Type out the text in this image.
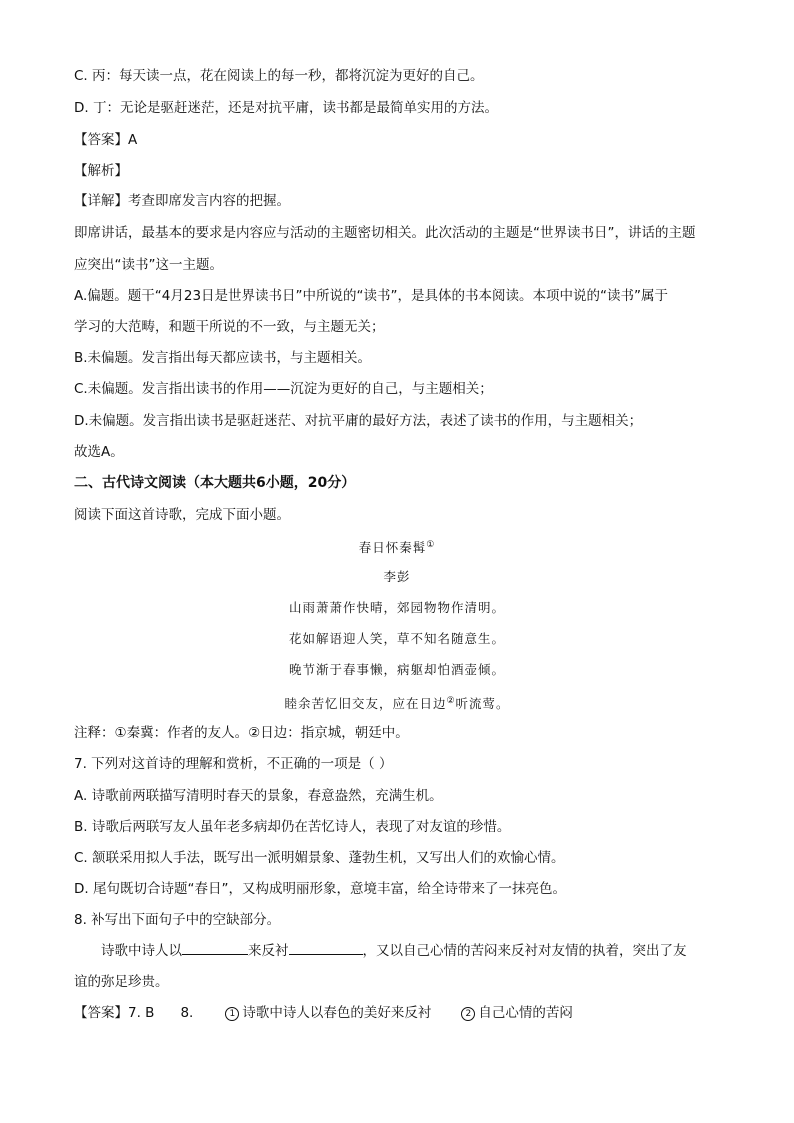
C. 丙：每天读一点，花在阅读上的每一秒，都将沉淀为更好的自己。
D. 丁：无论是驱赶迷茫，还是对抗平庸，读书都是最简单实用的方法。
【答案】A
【解析】
【详解】考查即席发言内容的把握。
即席讲话，最基本的要求是内容应与活动的主题密切相关。此次活动的主题是“世界读书日”，讲话的主题
应突出“读书”这一主题。
A.偏题。题干“4月23日是世界读书日”中所说的“读书”，是具体的书本阅读。本项中说的“读书”属于
学习的大范畴，和题干所说的不一致，与主题无关；
B.未偏题。发言指出每天都应读书，与主题相关。
C.未偏题。发言指出读书的作用——沉淀为更好的自己，与主题相关；
D.未偏题。发言指出读书是驱赶迷茫、对抗平庸的最好方法，表述了读书的作用，与主题相关；
故选A。
二、古代诗文阅读（本大题共6小题，20分）
阅读下面这首诗歌，完成下面小题。
春日怀秦髯①
李彭
山雨萧萧作快晴，郊园物物作清明。
花如解语迎人笑，草不知名随意生。
晚节渐于春事懒，病躯却怕酒壶倾。
睦余苦忆旧交友，应在日边②听流莺。
注释：①秦冀：作者的友人。②日边：指京城，朝廷中。
7. 下列对这首诗的理解和赏析，不正确的一项是（ ）
A. 诗歌前两联描写清明时春天的景象，春意盎然，充满生机。
B. 诗歌后两联写友人虽年老多病却仍在苦忆诗人，表现了对友谊的珍惜。
C. 颔联采用拟人手法，既写出一派明媚景象、蓬勃生机，又写出人们的欢愉心情。
D. 尾句既切合诗题“春日”，又构成明丽形象，意境丰富，给全诗带来了一抹亮色。
8. 补写出下面句子中的空缺部分。
诗歌中诗人以	来反衬	，又以自己心情的苦闷来反衬对友情的执着，突出了友
谊的弥足珍贵。
【答案】7. B 8.	1 诗歌中诗人以春色的美好来反衬	2 自己心情的苦闷
